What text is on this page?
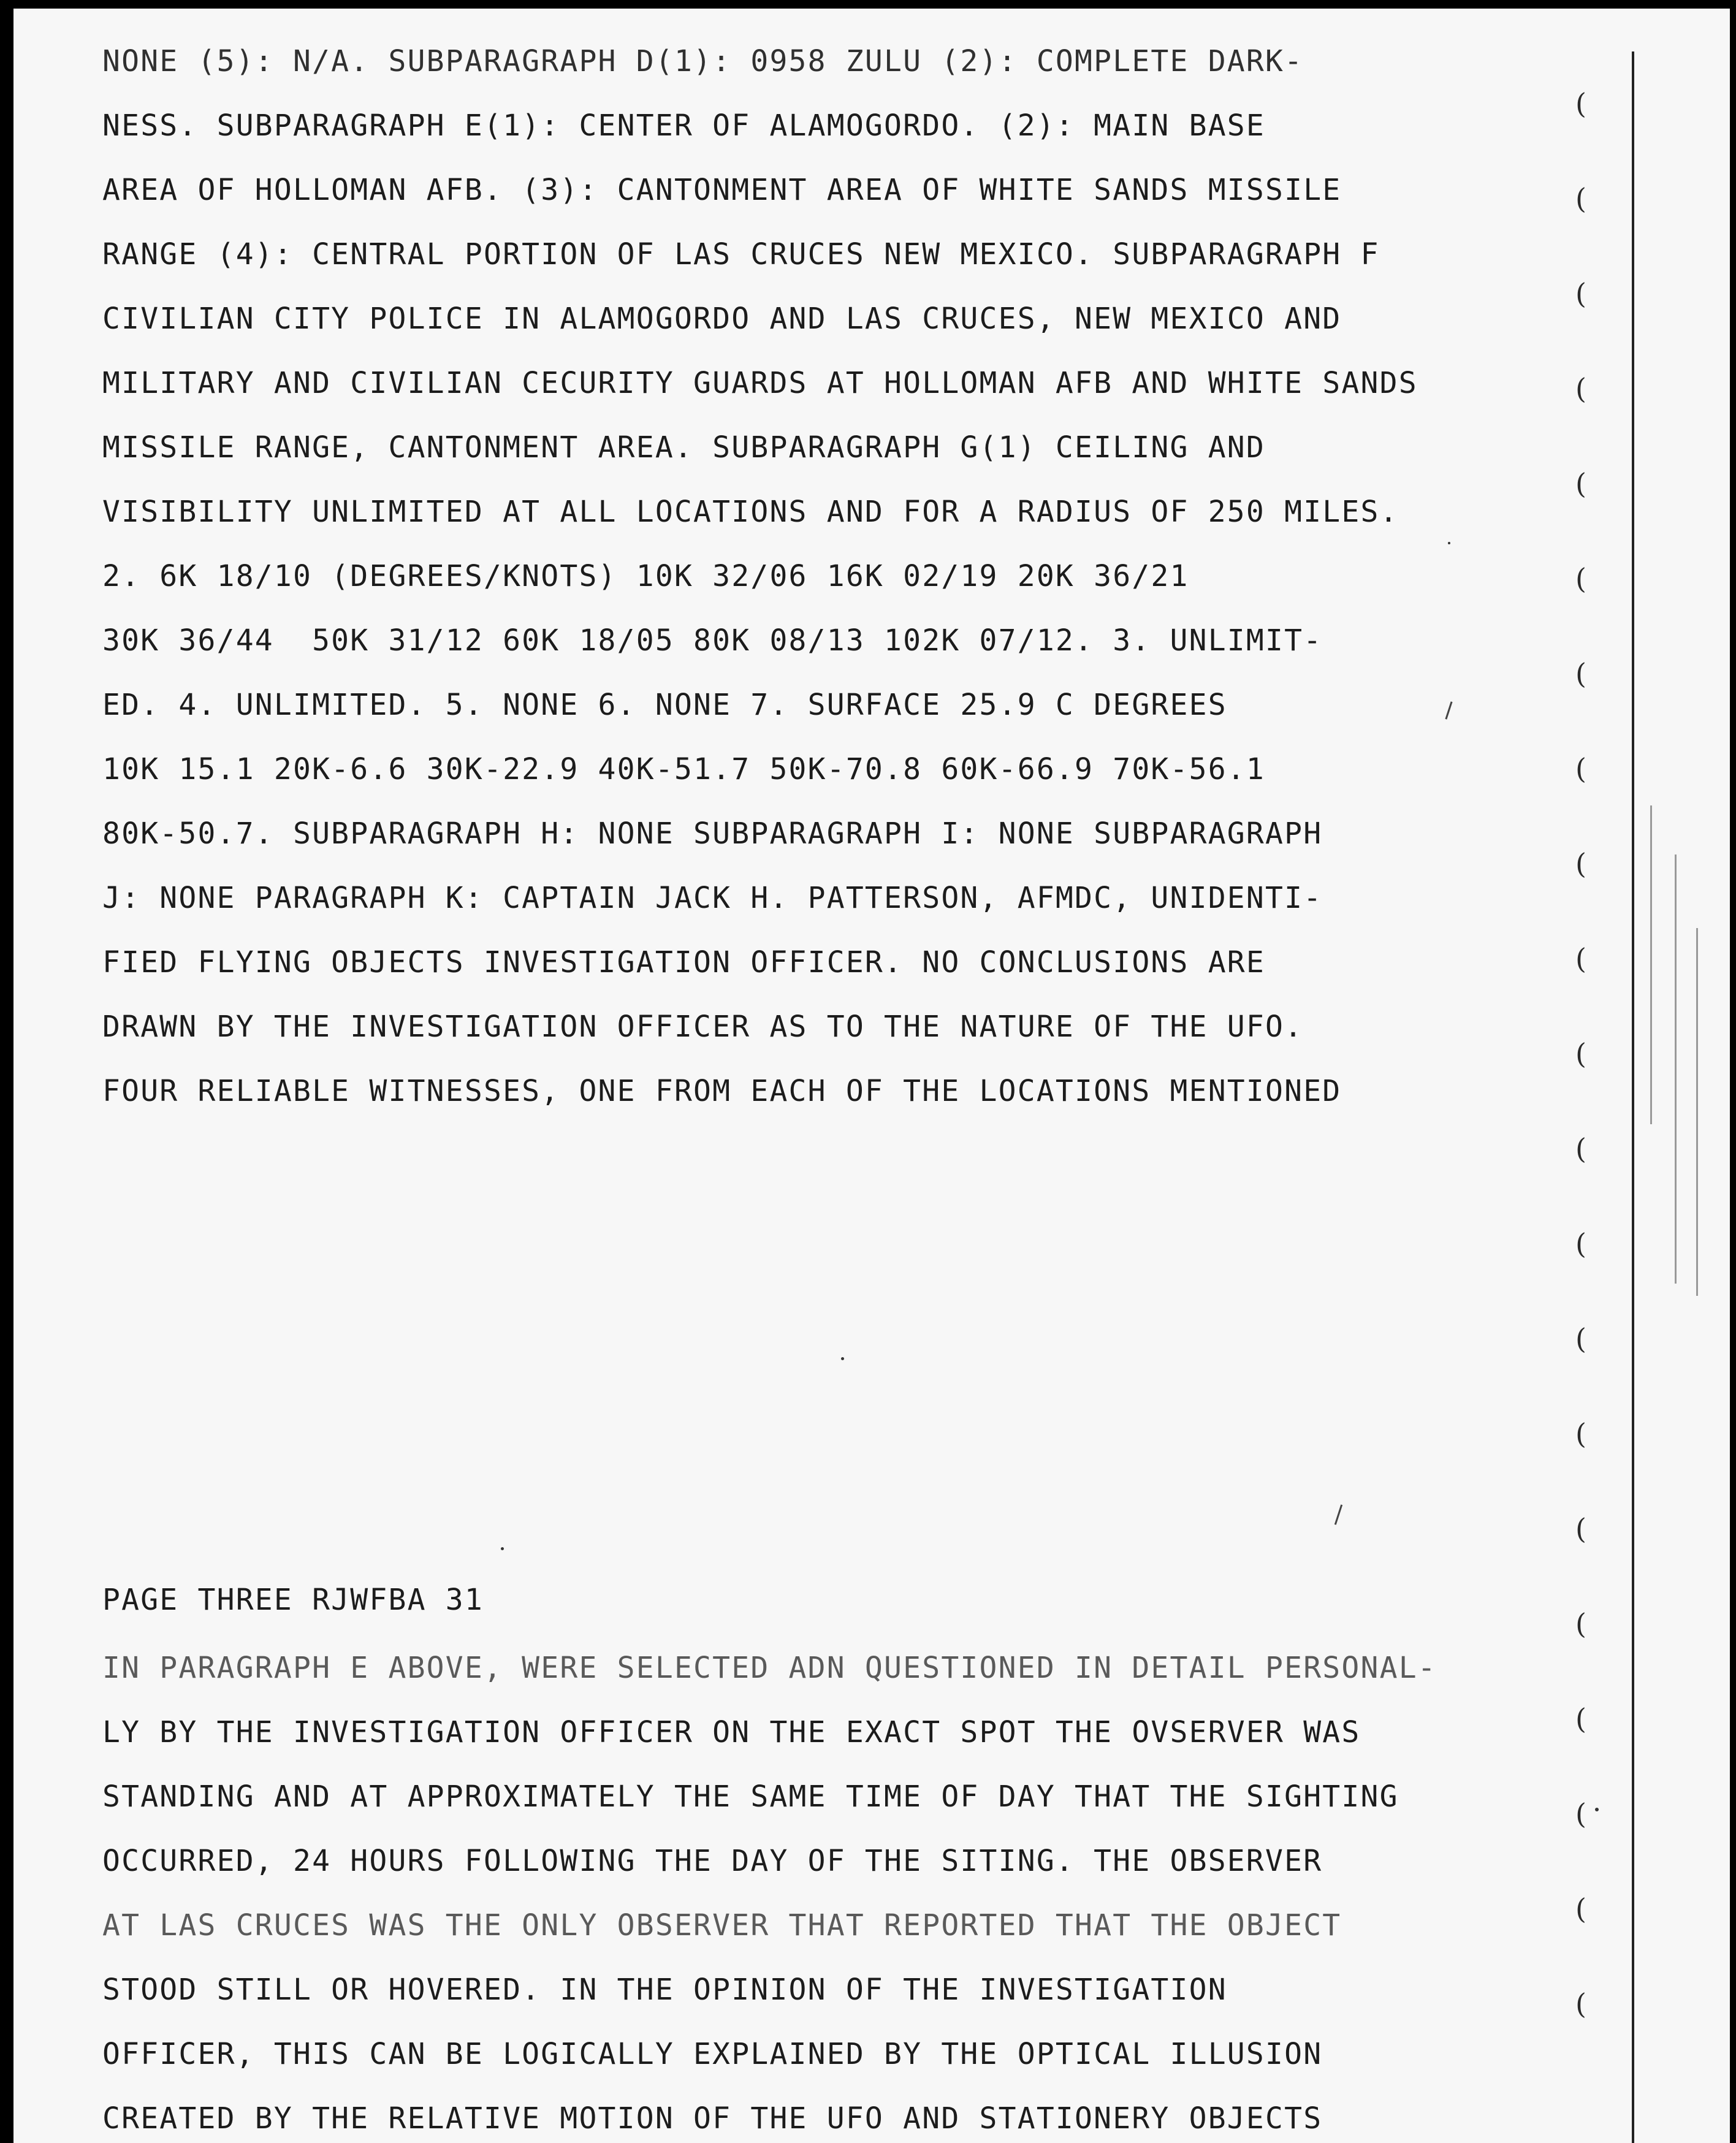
NONE (5): N/A. SUBPARAGRAPH D(1): 0958 ZULU (2): COMPLETE DARK-

NESS. SUBPARAGRAPH E(1): CENTER OF ALAMOGORDO. (2): MAIN BASE

AREA OF HOLLOMAN AFB. (3): CANTONMENT AREA OF WHITE SANDS MISSILE

RANGE (4): CENTRAL PORTION OF LAS CRUCES NEW MEXICO. SUBPARAGRAPH F

CIVILIAN CITY POLICE IN ALAMOGORDO AND LAS CRUCES, NEW MEXICO AND

MILITARY AND CIVILIAN CECURITY GUARDS AT HOLLOMAN AFB AND WHITE SANDS

MISSILE RANGE, CANTONMENT AREA. SUBPARAGRAPH G(1) CEILING AND

VISIBILITY UNLIMITED AT ALL LOCATIONS AND FOR A RADIUS OF 250 MILES.

2. 6K 18/10 (DEGREES/KNOTS) 10K 32/06 16K 02/19 20K 36/21

30K 36/44  50K 31/12 60K 18/05 80K 08/13 102K 07/12. 3. UNLIMIT-

ED. 4. UNLIMITED. 5. NONE 6. NONE 7. SURFACE 25.9 C DEGREES

10K 15.1 20K-6.6 30K-22.9 40K-51.7 50K-70.8 60K-66.9 70K-56.1

80K-50.7. SUBPARAGRAPH H: NONE SUBPARAGRAPH I: NONE SUBPARAGRAPH

J: NONE PARAGRAPH K: CAPTAIN JACK H. PATTERSON, AFMDC, UNIDENTI-

FIED FLYING OBJECTS INVESTIGATION OFFICER. NO CONCLUSIONS ARE

DRAWN BY THE INVESTIGATION OFFICER AS TO THE NATURE OF THE UFO.

FOUR RELIABLE WITNESSES, ONE FROM EACH OF THE LOCATIONS MENTIONED

PAGE THREE RJWFBA 31

IN PARAGRAPH E ABOVE, WERE SELECTED ADN QUESTIONED IN DETAIL PERSONAL-

LY BY THE INVESTIGATION OFFICER ON THE EXACT SPOT THE OVSERVER WAS

STANDING AND AT APPROXIMATELY THE SAME TIME OF DAY THAT THE SIGHTING

OCCURRED, 24 HOURS FOLLOWING THE DAY OF THE SITING. THE OBSERVER

AT LAS CRUCES WAS THE ONLY OBSERVER THAT REPORTED THAT THE OBJECT

STOOD STILL OR HOVERED. IN THE OPINION OF THE INVESTIGATION

OFFICER, THIS CAN BE LOGICALLY EXPLAINED BY THE OPTICAL ILLUSION

CREATED BY THE RELATIVE MOTION OF THE UFO AND STATIONERY OBJECTS

(
(
(
(
(
(
(
(
(
(
(
(
(
(
(
(
(
(
(
(
(
